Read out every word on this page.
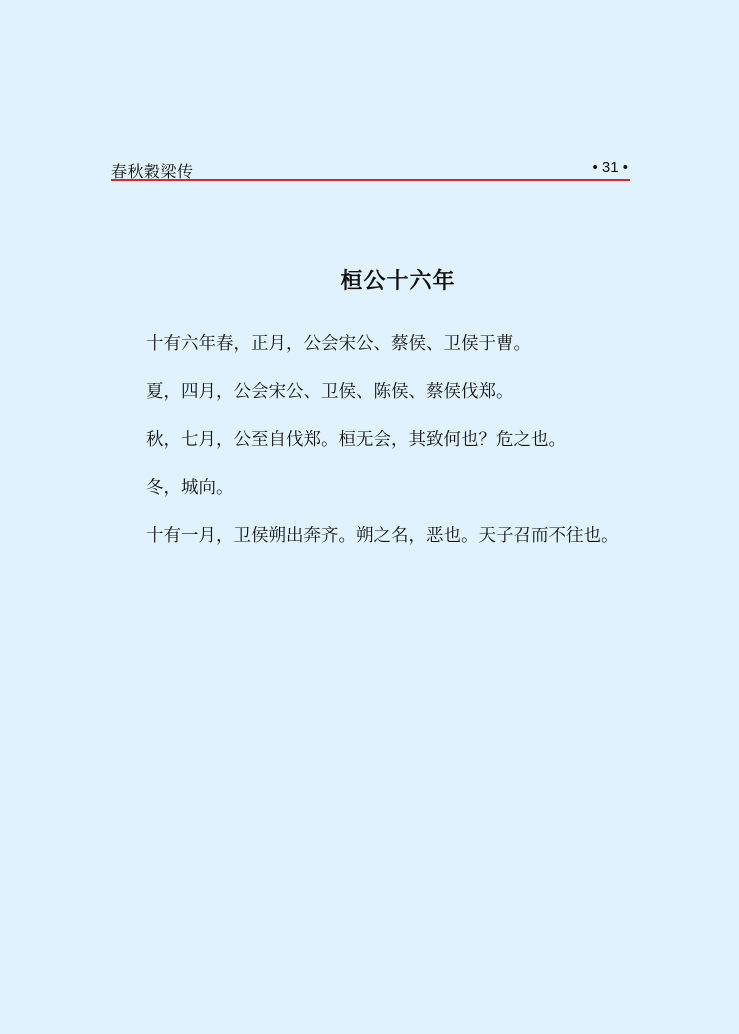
春秋穀梁传	• 31 •
桓公十六年

十有六年春，正月，公会宋公、蔡侯、卫侯于曹。

夏，四月，公会宋公、卫侯、陈侯、蔡侯伐郑。

秋，七月，公至自伐郑。桓无会，其致何也？危之也。

冬，城向。

十有一月，卫侯朔出奔齐。朔之名，恶也。天子召而不往也。
